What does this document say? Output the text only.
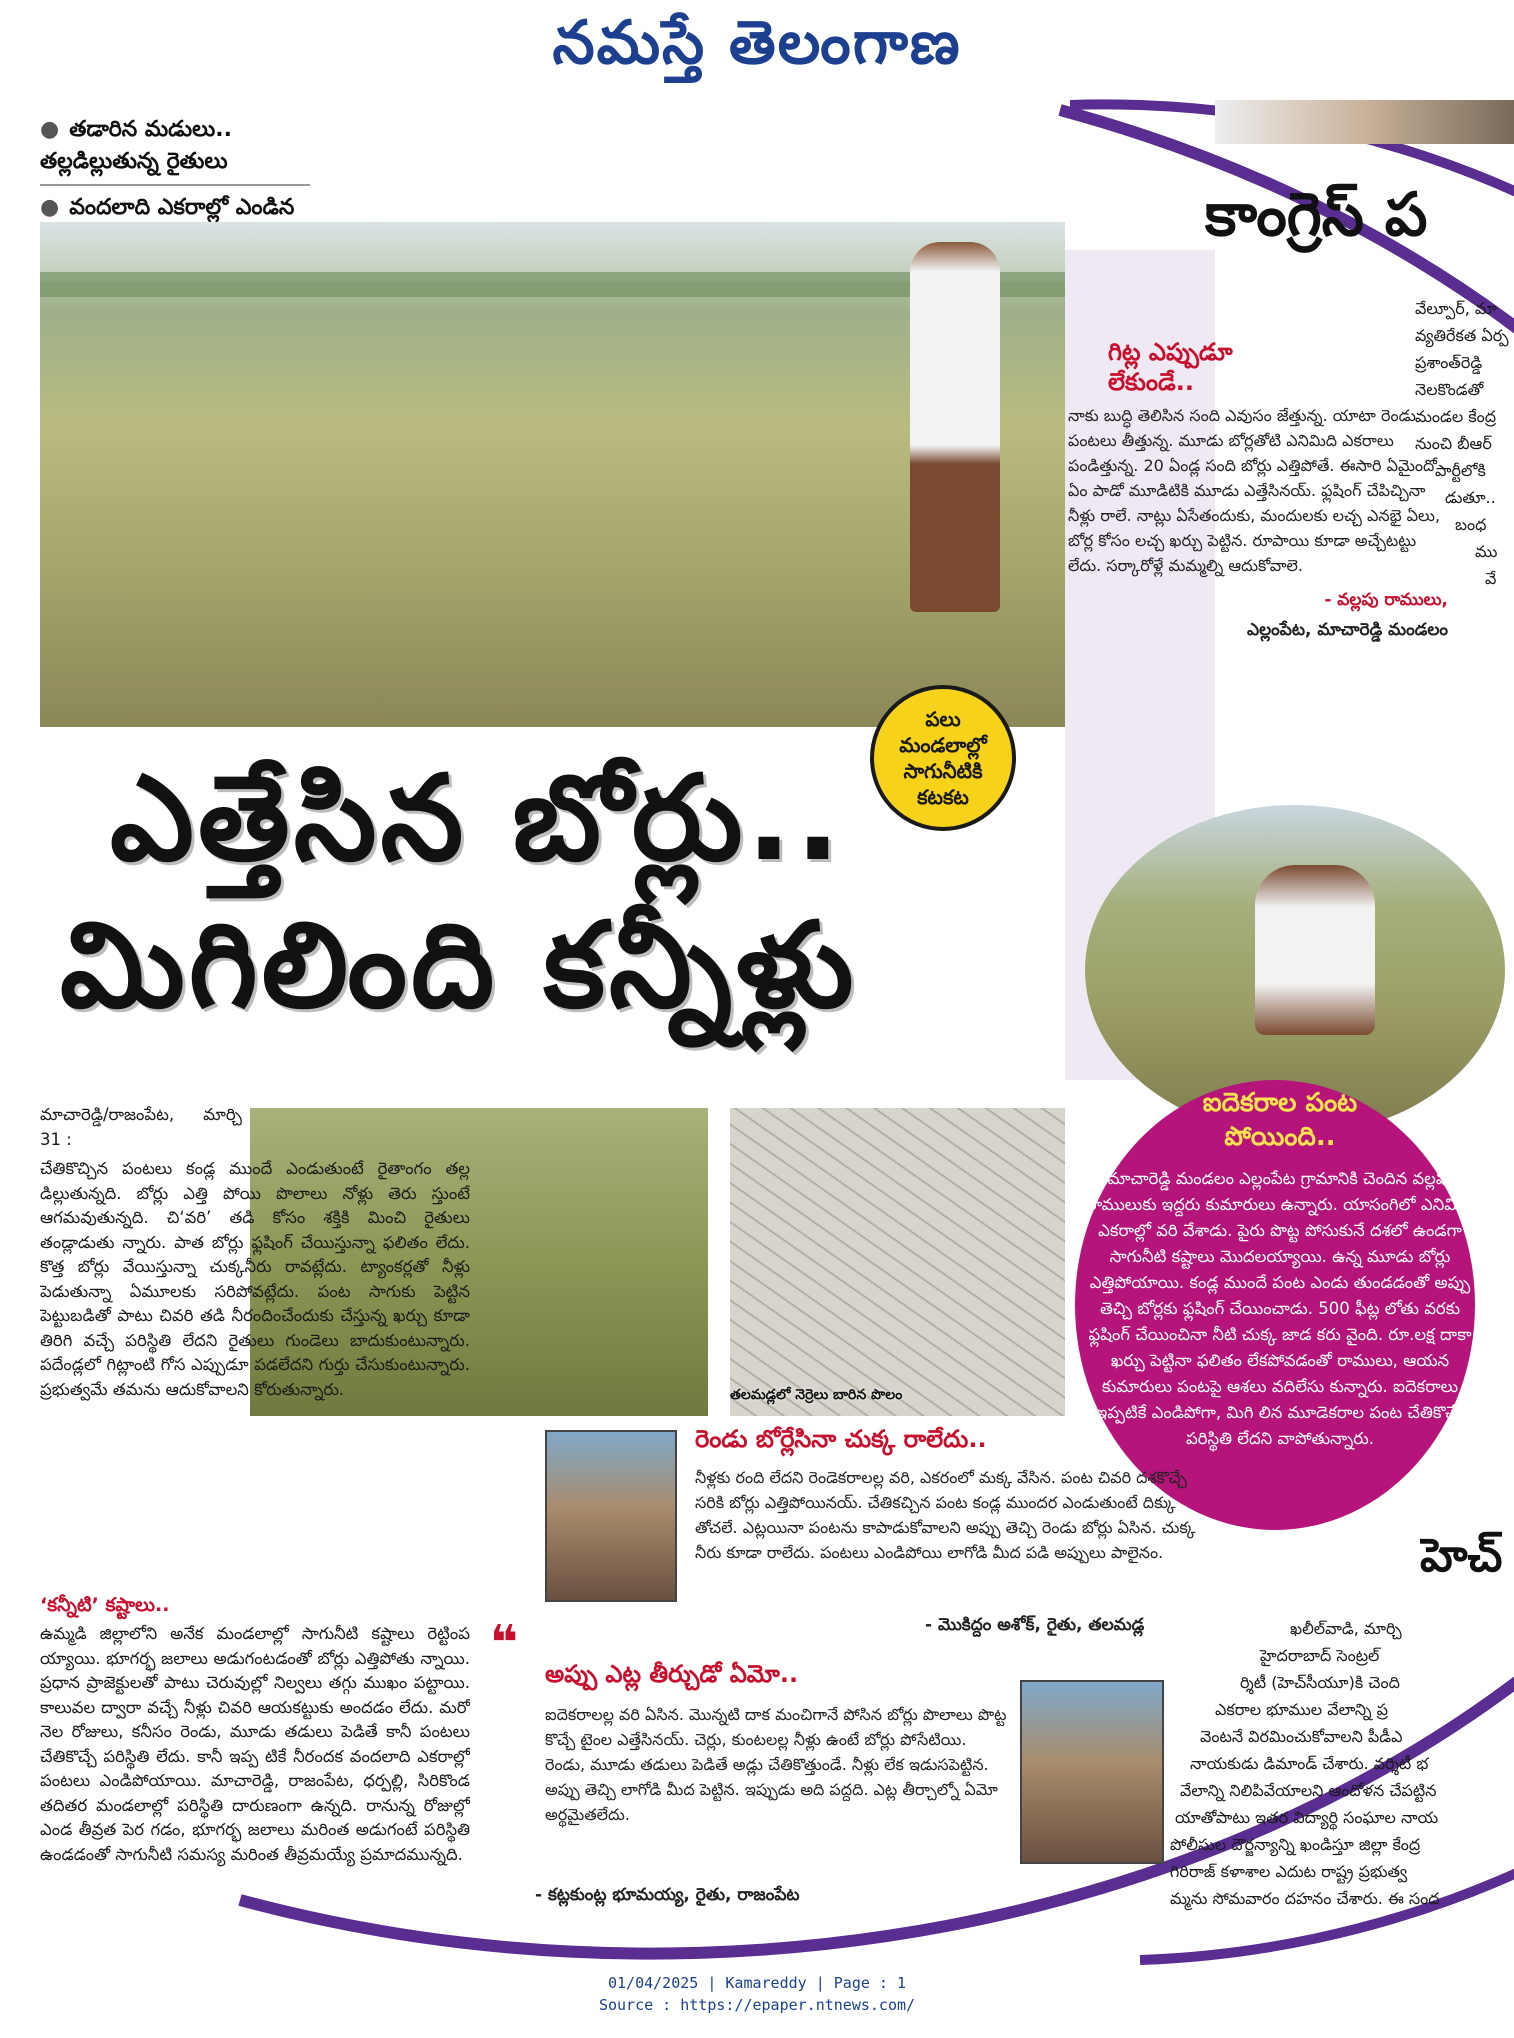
నమస్తే తెలంగాణ
● తడారిన మడులు.. తల్లడిల్లుతున్న రైతులు
● వందలాది ఎకరాల్లో ఎండిన	కాంగ్రెస్ ప
వేల్పూర్, మా
వ్యతిరేకత ఏర్ప
ప్రశాంత్‌రెడ్డి
నెలకొండతో
మండల కేంద్ర
నుంచి బీఆర్
పార్టీలోకి
డుతూ..
బంధ
ము
వే
హెచ్
ఖలీల్‌వాడి, మార్చి
హైదరాబాద్ సెంట్రల్
ర్శిటీ (హెచ్‌సీయూ)కి చెంది
ఎకరాల భూముల వేలాన్ని ప్ర
వెంటనే విరమించుకోవాలని పీడీఎ
నాయకుడు డిమాండ్ చేశారు. వర్శిటీ భ
వేలాన్ని నిలిపివేయాలని ఆందోళన చేపట్టిన
యాతోపాటు ఇతర విద్యార్థి సంఘాల నాయ
పోలీసుల దౌర్జన్యాన్ని ఖండిస్తూ జిల్లా కేంద్ర
గిరిరాజ్ కళాశాల ఎదుట రాష్ట్ర ప్రభుత్వ
మ్మను సోమవారం దహనం చేశారు. ఈ సంద
గిట్ల ఎప్పుడూ లేకుండే..
నాకు బుద్ధి తెలిసిన సంది ఎవుసం జేత్తున్న. యాటా రెండు పంటలు తీత్తున్న. మూడు బోర్లతోటి ఎనిమిది ఎకరాలు పండిత్తున్న. 20 ఏండ్ల సంది బోర్లు ఎత్తిపోతే. ఈసారి ఏమైందో ఏం పాడో మూడిటికి మూడు ఎత్తేసినయ్. ఫ్లషింగ్ చేపిచ్చినా నీళ్లు రాలే. నాట్లు ఏసేతందుకు, మందులకు లచ్చ ఎనభై ఏలు, బోర్ల కోసం లచ్చ ఖర్చు పెట్టిన. రూపాయి కూడా అచ్చేటట్టు లేదు. సర్కారోళ్లే మమ్మల్ని ఆదుకోవాలె.
- వల్లపు రాములు,
ఎల్లంపేట, మాచారెడ్డి మండలం
పలు మండలాల్లో సాగునీటికి కటకట
ఎత్తేసిన బోర్లు..
మిగిలింది కన్నీళ్లు
ఐదెకరాల పంట పోయింది..
మాచారెడ్డి మండలం ఎల్లంపేట గ్రామానికి చెందిన వల్లపు రాములుకు ఇద్దరు కుమారులు ఉన్నారు. యాసంగిలో ఎనిమిది ఎకరాల్లో వరి వేశాడు. పైరు పొట్ట పోసుకునే దశలో ఉండగా సాగునీటి కష్టాలు మొదలయ్యాయి. ఉన్న మూడు బోర్లు ఎత్తిపోయాయి. కండ్ల ముందే పంట ఎండు తుండడంతో అప్పు తెచ్చి బోర్లకు ఫ్లషింగ్ చేయించాడు. 500 ఫీట్ల లోతు వరకు ఫ్లషింగ్ చేయించినా నీటి చుక్క జాడ కరు వైంది. రూ.లక్ష దాకా ఖర్చు పెట్టినా ఫలితం లేకపోవడంతో రాములు, ఆయన కుమారులు పంటపై ఆశలు వదిలేసు కున్నారు. ఐదెకరాలు ఇప్పటికే ఎండిపోగా, మిగి లిన మూడెకరాల పంట చేతికొచ్చే పరిస్థితి లేదని వాపోతున్నారు.
తలమడ్లలో నెర్రెలు బారిన పొలం
మాచారెడ్డి/రాజంపేట, మార్చి 31 :
చేతికొచ్చిన పంటలు కండ్ల ముందే ఎండుతుంటే రైతాంగం తల్ల డిల్లుతున్నది. బోర్లు ఎత్తి పోయి పొలాలు నోళ్లు తెరు స్తుంటే ఆగమవుతున్నది. చి‘వరి’ తడి కోసం శక్తికి మించి రైతులు తండ్లాడుతు న్నారు. పాత బోర్లు ఫ్లషింగ్ చేయిస్తున్నా ఫలితం లేదు. కొత్త బోర్లు వేయిస్తున్నా చుక్కనీరు రావట్లేదు. ట్యాంకర్లతో నీళ్లు పెడుతున్నా ఏమూలకు సరిపోవట్లేదు. పంట సాగుకు పెట్టిన పెట్టుబడితో పాటు చివరి తడి నీరందించేందుకు చేస్తున్న ఖర్చు కూడా తిరిగి వచ్చే పరిస్థితి లేదని రైతులు గుండెలు బాదుకుంటున్నారు. పదేండ్లలో గిట్లాంటి గోస ఎప్పుడూ పడలేదని గుర్తు చేసుకుంటున్నారు. ప్రభుత్వమే తమను ఆదుకోవాలని కోరుతున్నారు.
‘కన్నీటి’ కష్టాలు..
ఉమ్మడి జిల్లాలోని అనేక మండలాల్లో సాగునీటి కష్టాలు రెట్టింప య్యాయి. భూగర్భ జలాలు అడుగంటడంతో బోర్లు ఎత్తిపోతు న్నాయి. ప్రధాన ప్రాజెక్టులతో పాటు చెరువుల్లో నిల్వలు తగ్గు ముఖం పట్టాయి. కాలువల ద్వారా వచ్చే నీళ్లు చివరి ఆయకట్టుకు అందడం లేదు. మరో నెల రోజులు, కనీసం రెండు, మూడు తడులు పెడితే కానీ పంటలు చేతికొచ్చే పరిస్థితి లేదు. కానీ ఇప్ప టికే నీరందక వందలాది ఎకరాల్లో పంటలు ఎండిపోయాయి. మాచారెడ్డి, రాజంపేట, ధర్పల్లి, సిరికొండ తదితర మండలాల్లో పరిస్థితి దారుణంగా ఉన్నది. రానున్న రోజుల్లో ఎండ తీవ్రత పెర గడం, భూగర్భ జలాలు మరింత అడుగంటే పరిస్థితి ఉండడంతో సాగునీటి సమస్య మరింత తీవ్రమయ్యే ప్రమాదమున్నది.
రెండు బోర్లేసినా చుక్క రాలేదు..
నీళ్లకు రంది లేదని రెండెకరాలల్ల వరి, ఎకరంలో మక్క వేసిన. పంట చివరి దశకొచ్చే సరికి బోర్లు ఎత్తిపోయినయ్. చేతికచ్చిన పంట కండ్ల ముందర ఎండుతుంటే దిక్కు తోచలే. ఎట్లయినా పంటను కాపాడుకోవాలని అప్పు తెచ్చి రెండు బోర్లు ఏసిన. చుక్క నీరు కూడా రాలేదు. పంటలు ఎండిపోయి లాగోడి మీద పడి అప్పులు పాలైనం.
- మొకిద్దం అశోక్, రైతు, తలమడ్ల
❝
అప్పు ఎట్ల తీర్చుడో ఏమో..
ఐదెకరాలల్ల వరి ఏసిన. మొన్నటి దాక మంచిగానే పోసిన బోర్లు పొలాలు పొట్ట కొచ్చే టైంల ఎత్తేసినయ్. చెర్లు, కుంటలల్ల నీళ్లు ఉంటే బోర్లు పోసేటియి. రెండు, మూడు తడులు పెడితే అడ్లు చేతికొత్తుండే. నీళ్లు లేక ఇడుసపెట్టిన. అప్పు తెచ్చి లాగోడి మీద పెట్టిన. ఇప్పుడు అది పద్దది. ఎట్ల తీర్చాల్నో ఏమో అర్థమైతలేదు.
- కట్లకుంట్ల భూమయ్య, రైతు, రాజంపేట
01/04/2025 | Kamareddy | Page : 1
Source : https://epaper.ntnews.com/
